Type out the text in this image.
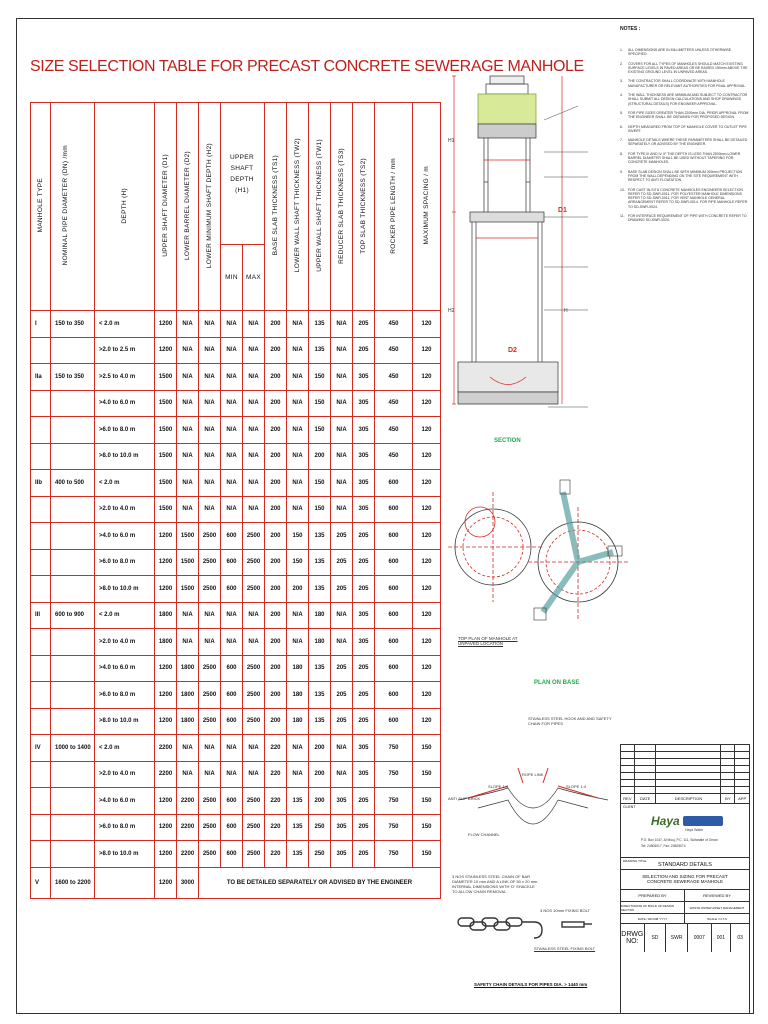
SIZE SELECTION TABLE FOR PRECAST CONCRETE SEWERAGE MANHOLE
MANHOLE TYPE	NOMINAL PIPE DIAMETER (DN) /mm	DEPTH (H)	UPPER SHAFT DIAMETER (D1)	LOWER BARREL DIAMETER (D2)	LOWER MINIMUM SHAFT DEPTH (H2)	UPPER SHAFT DEPTH (H1)		BASE SLAB THICKNESS (TS1)	LOWER WALL SHAFT THICKNESS (TW2)	UPPER WALL SHAFT THICKNESS (TW1)	REDUCER SLAB THICKNESS (TS3)	TOP SLAB THICKNESS (TS2)	ROCKER PIPE LENGTH / mm	MAXIMUM SPACING / m
						MIN	MAX							
I	150 to 350	< 2.0 m	1200	N/A	N/A	N/A	N/A	200	N/A	135	N/A	205	450	120
		>2.0 to 2.5 m	1200	N/A	N/A	N/A	N/A	200	N/A	135	N/A	205	450	120
IIa	150 to 350	>2.5 to 4.0 m	1500	N/A	N/A	N/A	N/A	200	N/A	150	N/A	305	450	120
		>4.0 to 6.0 m	1500	N/A	N/A	N/A	N/A	200	N/A	150	N/A	305	450	120
		>6.0 to 8.0 m	1500	N/A	N/A	N/A	N/A	200	N/A	150	N/A	305	450	120
		>8.0 to 10.0 m	1500	N/A	N/A	N/A	N/A	200	N/A	200	N/A	305	450	120
IIb	400 to 500	< 2.0 m	1500	N/A	N/A	N/A	N/A	200	N/A	150	N/A	305	600	120
		>2.0 to 4.0 m	1500	N/A	N/A	N/A	N/A	200	N/A	150	N/A	305	600	120
		>4.0 to 6.0 m	1200	1500	2500	600	2500	200	150	135	205	205	600	120
		>6.0 to 8.0 m	1200	1500	2500	600	2500	200	150	135	205	205	600	120
		>8.0 to 10.0 m	1200	1500	2500	600	2500	200	200	135	205	205	600	120
III	600 to 900	< 2.0 m	1800	N/A	N/A	N/A	N/A	200	N/A	180	N/A	305	600	120
		>2.0 to 4.0 m	1800	N/A	N/A	N/A	N/A	200	N/A	180	N/A	305	600	120
		>4.0 to 6.0 m	1200	1800	2500	600	2500	200	180	135	205	205	600	120
		>6.0 to 8.0 m	1200	1800	2500	600	2500	200	180	135	205	205	600	120
		>8.0 to 10.0 m	1200	1800	2500	600	2500	200	180	135	205	205	600	120
IV	1000 to 1400	< 2.0 m	2200	N/A	N/A	N/A	N/A	220	N/A	200	N/A	305	750	150
		>2.0 to 4.0 m	2200	N/A	N/A	N/A	N/A	220	N/A	200	N/A	305	750	150
		>4.0 to 6.0 m	1200	2200	2500	600	2500	220	135	200	305	205	750	150
		>6.0 to 8.0 m	1200	2200	2500	600	2500	220	135	250	305	205	750	150
		>8.0 to 10.0 m	1200	2200	2500	600	2500	220	135	250	305	205	750	150
V	1600 to 2200		1200	3000	TO BE DETAILED SEPARATELY OR ADVISED BY THE ENGINEER									
D2
D1
H1
H2	H
SECTION
TOP PLAN OF MANHOLE AT UNPAVED LOCATION
PLAN ON BASE
ANTI SLIP BRICK
SLOPE 1:4	SLOPE 1:4
ROPE LINK
FLOW CHANNEL
STAINLESS STEEL HOOK AND AND SAFETY CHAIN FOR PIPES
3 NOS STAINLESS STEEL CHAIN OF BAR DIAMETER 10 mm AND A LINK OF 50 x 20 mm INTERNAL DIMENSIONS WITH 'D' SHACKLE TO ALLOW CHAIN REMOVAL
3 NOS 10mm FIXING BOLT
STAINLESS STEEL FIXING BOLT
SAFETY CHAIN DETAILS FOR PIPES DIA. > 1440 mm
NOTES :
1. ALL DIMENSIONS ARE IN MILLIMETERS UNLESS OTHERWISE SPECIFIED.
2. COVERS FOR ALL TYPES OF MANHOLES SHOULD MATCH EXISTING SURFACE LEVELS IN PAVED AREAS OR BE RAISED 150mm ABOVE THE EXISTING GROUND LEVEL IN UNPAVED AREAS.
3. THE CONTRACTOR SHALL COORDINATE WITH MANHOLE MANUFACTURER OR RELEVANT AUTHORITIES FOR FINAL APPROVAL.
4. THE WALL THICKNESS ARE MINIMUM AND SUBJECT TO CONTRACTOR SHALL SUBMIT ALL DESIGN CALCULATIONS AND SHOP DRAWINGS (STRUCTURAL DETAILS) FOR ENGINEER APPROVAL.
5. FOR PIPE SIZES GREATER THAN 2200mm DIA, PRIOR APPROVAL FROM THE ENGINEER SHALL BE OBTAINED FOR PROPOSED DESIGN.
6. DEPTH MEASURED FROM TOP OF MANHOLE COVER TO OUTLET PIPE INVERT.
7. MANHOLE DETAILS WHERE THESE PARAMETERS SHALL BE DETAILED SEPARATELY OR ADVISED BY THE ENGINEER.
8. FOR TYPE III AND IV, IF THE DEPTH IS LESS THAN 2500mm LOWER BARREL DIAMETER SHALL BE USED WITHOUT TAPERING FOR CONCRETE MANHOLES.
9. BASE SLAB DESIGN SHALL BE WITH MINIMUM 300mm PROJECTION FROM THE WALL DEPENDING ON THE SITE REQUIREMENT WITH RESPECT TO ANTI FLOATATION.
10. FOR CAST IN-SITU CONCRETE MANHOLES ENGINEERS SELECTION REFER TO SD-SWR-0011. FOR POLYESTER MANHOLE DIMENSIONS REFER TO SD-SWR-0011. FOR VENT MANHOLE GENERAL ARRANGEMENT REFER TO SD-SWR-0014. FOR PIPE MANHOLE REFER TO SD-SWR-0024.
11. FOR INTERFACE REQUIREMENT OF PIPE WITH CONCRETE REFER TO DRAWING SD-SWR-0020.
REV	DATE	DESCRIPTION	BY	APP
CLIENT
Haya
Haya Water
P.O. Box 1047, Al Mouj, P.C. 111, Sultanate of Oman
Tel: 24505017, Fax: 24505074
DRAWING TITLE
STANDARD DETAILS
SELECTION AND SIZING FOR PRECAST CONCRETE SEWERAGE MANHOLE
PREPARED BY	REVIEWED BY
DIRECTORATE OF BUILD UP DESIGN SECTION	WASTE WATER ASSET MANAGEMENT
DATE / DD.MM.YYYY	SCALE / N.T.S
DRWG
NO:	SD	SWR	0007	001	03
